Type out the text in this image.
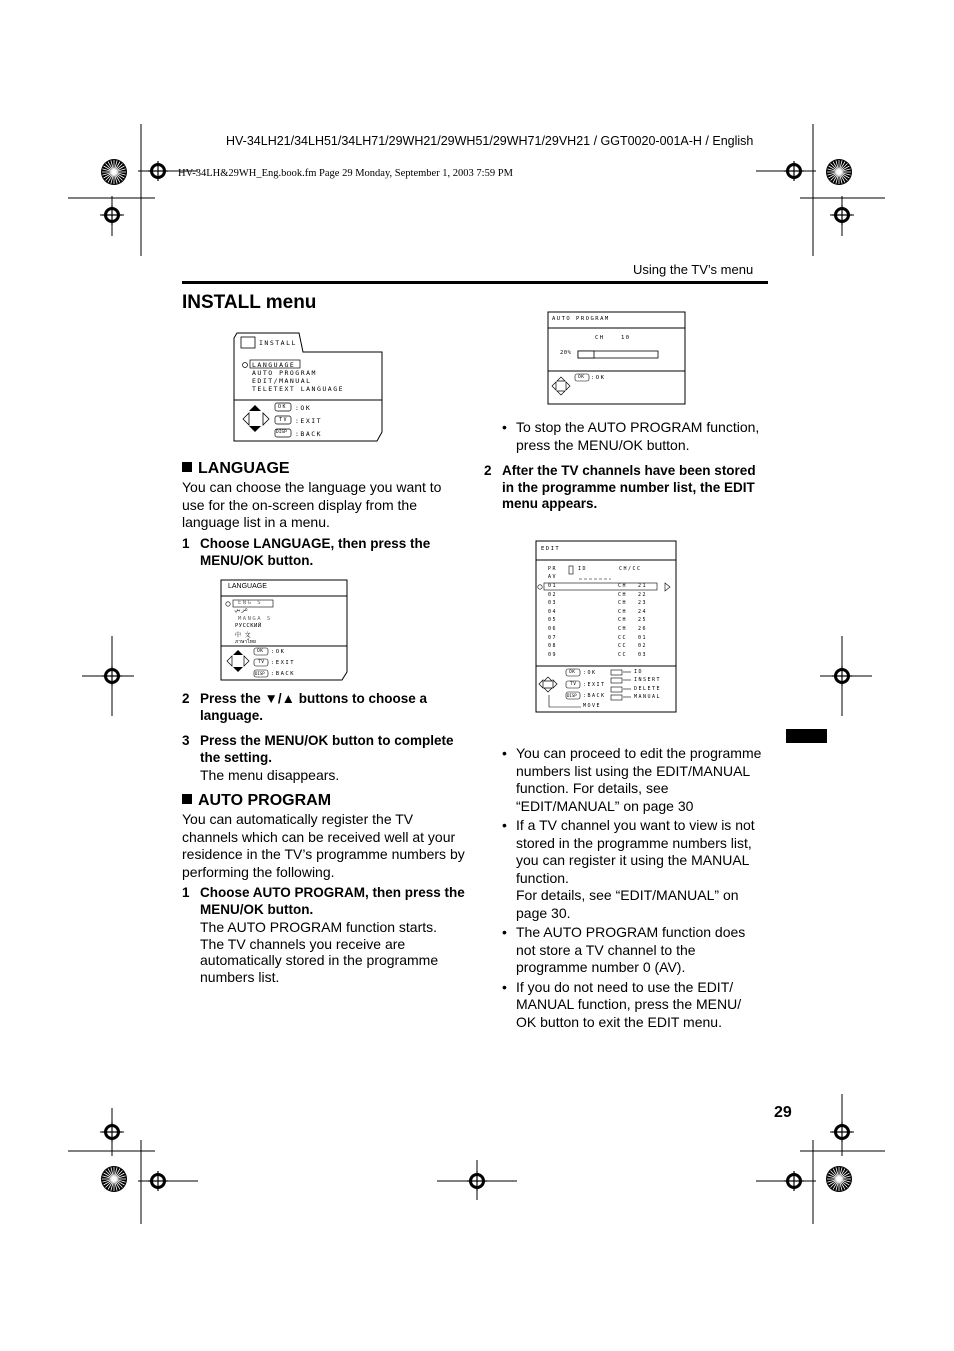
HV-34LH21/34LH51/34LH71/29WH21/29WH51/29WH71/29VH21 / GGT0020-001A-H / English
HV-34LH&29WH_Eng.book.fm Page 29 Monday, September 1, 2003 7:59 PM
Using the TV’s menu
INSTALL menu
INSTALL
LANGUAGE
AUTO PROGRAM
EDIT/MANUAL
TELETEXT LANGUAGE
OK
TV
DISP
:OK
:EXIT
:BACK
LANGUAGE

You can choose the language you want to use for the on-screen display from the language list in a menu.

1 Choose LANGUAGE, then press the MENU/OK button.

LANGUAGE
ENG S
عربي
MANGA S
РУССКИЙ
中 文
ภาษาไทย
OK
TV
DISP
:OK
:EXIT
:BACK

2 Press the ▼/▲ buttons to choose a language.

3 Press the MENU/OK button to complete the setting.

The menu disappears.

AUTO PROGRAM

You can automatically register the TV channels which can be received well at your residence in the TV’s programme numbers by performing the following.

1 Choose AUTO PROGRAM, then press the MENU/OK button.

The AUTO PROGRAM function starts. The TV channels you receive are automatically stored in the programme numbers list.

AUTO PROGRAM
CH	10
20%
OK :OK
• To stop the AUTO PROGRAM function, press the MENU/OK button.

2 After the TV channels have been stored in the programme number list, the EDIT menu appears.

EDIT
PR	ID	CH/CC
AV
01	CH 21
02	CH 22
03	CH 23
04	CH 24
05	CH 25
06	CH 26
07	CC 01
08	CC 02
09	CC 03
OK
TV
DISP
:OK
:EXIT
:BACK
MOVE
ID
INSERT
DELETE
MANUAL
• You can proceed to edit the programme numbers list using the EDIT/MANUAL function. For details, see “EDIT/MANUAL” on page 30
• If a TV channel you want to view is not stored in the programme numbers list, you can register it using the MANUAL function.
For details, see “EDIT/MANUAL” on page 30.
• The AUTO PROGRAM function does not store a TV channel to the programme number 0 (AV).
• If you do not need to use the EDIT/ MANUAL function, press the MENU/ OK button to exit the EDIT menu.
29
